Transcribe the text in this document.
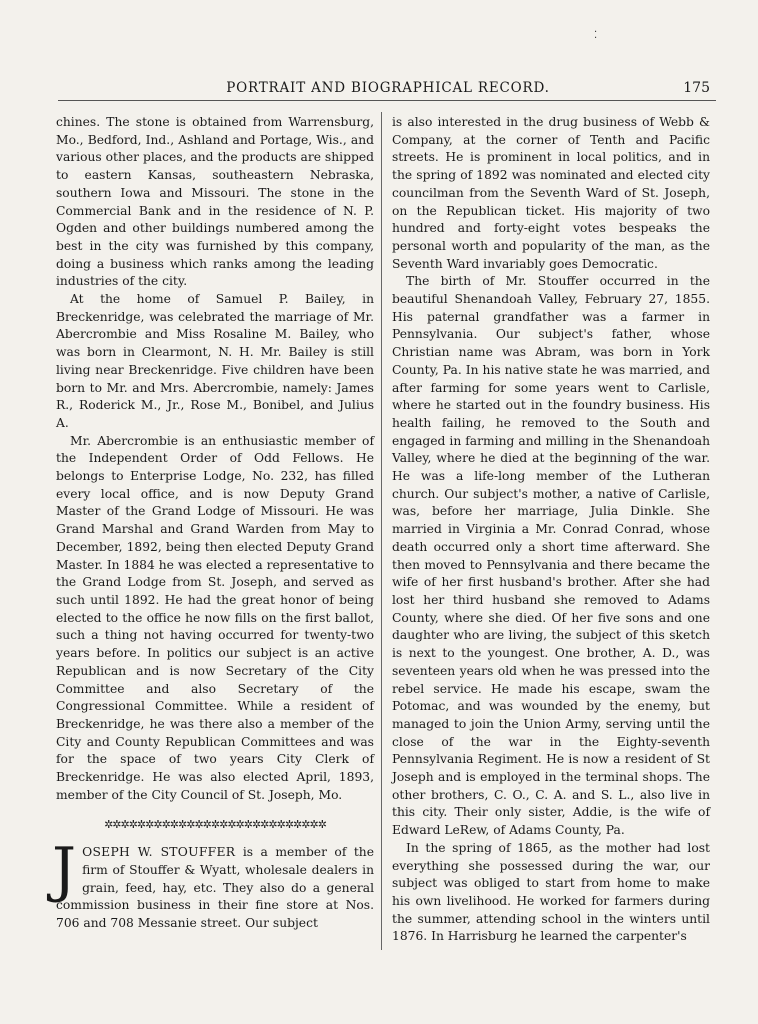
⁚
PORTRAIT AND BIOGRAPHICAL RECORD.	175

chines. The stone is obtained from Warrensburg, Mo., Bedford, Ind., Ashland and Portage, Wis., and various other places, and the products are shipped to eastern Kansas, southeastern Nebraska, southern Iowa and Missouri. The stone in the Commercial Bank and in the residence of N. P. Ogden and other buildings numbered among the best in the city was furnished by this company, doing a business which ranks among the leading industries of the city.

At the home of Samuel P. Bailey, in Breckenridge, was celebrated the marriage of Mr. Abercrombie and Miss Rosaline M. Bailey, who was born in Clearmont, N. H. Mr. Bailey is still living near Breckenridge. Five children have been born to Mr. and Mrs. Abercrombie, namely: James R., Roderick M., Jr., Rose M., Bonibel, and Julius A.

Mr. Abercrombie is an enthusiastic member of the Independent Order of Odd Fellows. He belongs to Enterprise Lodge, No. 232, has filled every local office, and is now Deputy Grand Master of the Grand Lodge of Missouri. He was Grand Marshal and Grand Warden from May to December, 1892, being then elected Deputy Grand Master. In 1884 he was elected a representative to the Grand Lodge from St. Joseph, and served as such until 1892. He had the great honor of being elected to the office he now fills on the first ballot, such a thing not having occurred for twenty-two years before. In politics our subject is an active Republican and is now Secretary of the City Committee and also Secretary of the Congressional Committee. While a resident of Breckenridge, he was there also a member of the City and County Republican Committees and was for the space of two years City Clerk of Breckenridge. He was also elected April, 1893, member of the City Council of St. Joseph, Mo.

✲✲✲✲✲✲✲✲✲✲✲✲✲✲✲✲✲✲✲✲✲✲✲✲✲✲✲

JOSEPH W. STOUFFER is a member of the firm of Stouffer & Wyatt, wholesale dealers in grain, feed, hay, etc. They also do a general commission business in their fine store at Nos. 706 and 708 Messanie street. Our subject

is also interested in the drug business of Webb & Company, at the corner of Tenth and Pacific streets. He is prominent in local politics, and in the spring of 1892 was nominated and elected city councilman from the Seventh Ward of St. Joseph, on the Republican ticket. His majority of two hundred and forty-eight votes bespeaks the personal worth and popularity of the man, as the Seventh Ward invariably goes Democratic.

The birth of Mr. Stouffer occurred in the beautiful Shenandoah Valley, February 27, 1855. His paternal grandfather was a farmer in Pennsylvania. Our subject's father, whose Christian name was Abram, was born in York County, Pa. In his native state he was married, and after farming for some years went to Carlisle, where he started out in the foundry business. His health failing, he removed to the South and engaged in farming and milling in the Shenandoah Valley, where he died at the beginning of the war. He was a life-long member of the Lutheran church. Our subject's mother, a native of Carlisle, was, before her marriage, Julia Dinkle. She married in Virginia a Mr. Conrad Conrad, whose death occurred only a short time afterward. She then moved to Pennsylvania and there became the wife of her first husband's brother. After she had lost her third husband she removed to Adams County, where she died. Of her five sons and one daughter who are living, the subject of this sketch is next to the youngest. One brother, A. D., was seventeen years old when he was pressed into the rebel service. He made his escape, swam the Potomac, and was wounded by the enemy, but managed to join the Union Army, serving until the close of the war in the Eighty-seventh Pennsylvania Regiment. He is now a resident of St Joseph and is employed in the terminal shops. The other brothers, C. O., C. A. and S. L., also live in this city. Their only sister, Addie, is the wife of Edward LeRew, of Adams County, Pa.

In the spring of 1865, as the mother had lost everything she possessed during the war, our subject was obliged to start from home to make his own livelihood. He worked for farmers during the summer, attending school in the winters until 1876. In Harrisburg he learned the carpenter's
